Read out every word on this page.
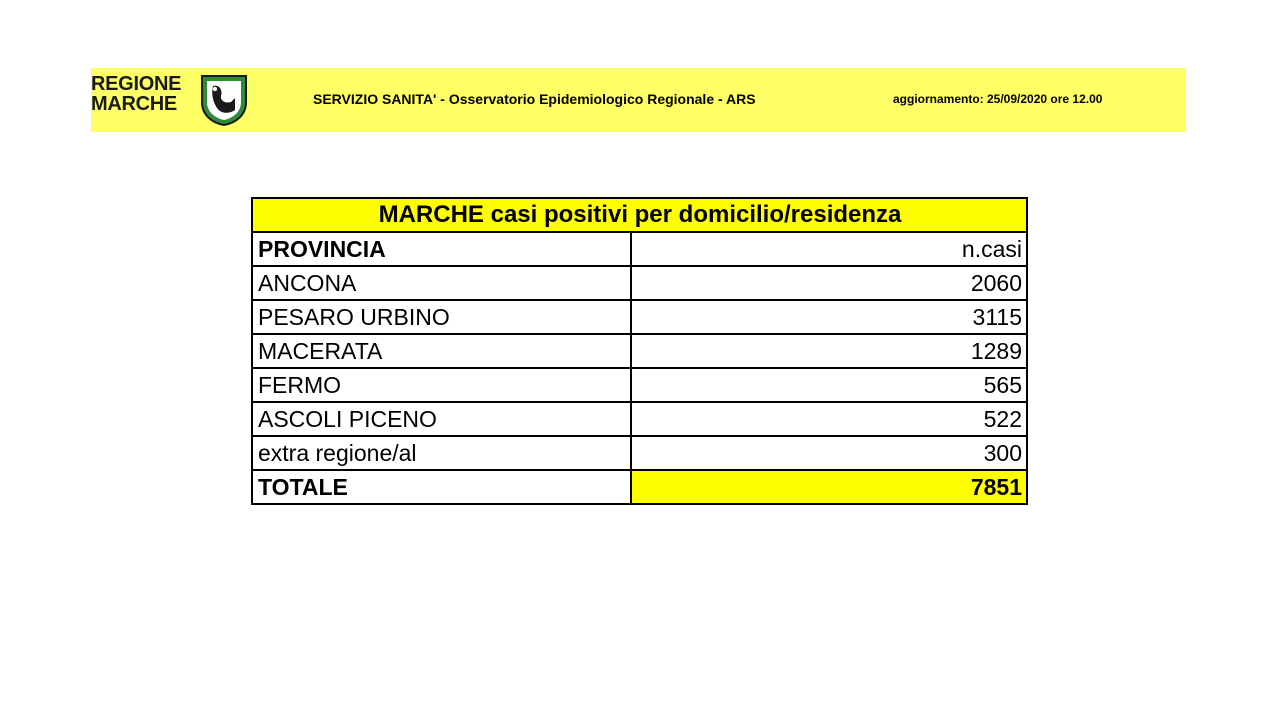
REGIONE
MARCHE	SERVIZIO SANITA' - Osservatorio Epidemiologico Regionale - ARS	aggiornamento: 25/09/2020 ore 12.00
MARCHE casi positivi per domicilio/residenza	
PROVINCIA	n.casi
ANCONA	2060
PESARO URBINO	3115
MACERATA	1289
FERMO	565
ASCOLI PICENO	522
extra regione/al	300
TOTALE	7851
